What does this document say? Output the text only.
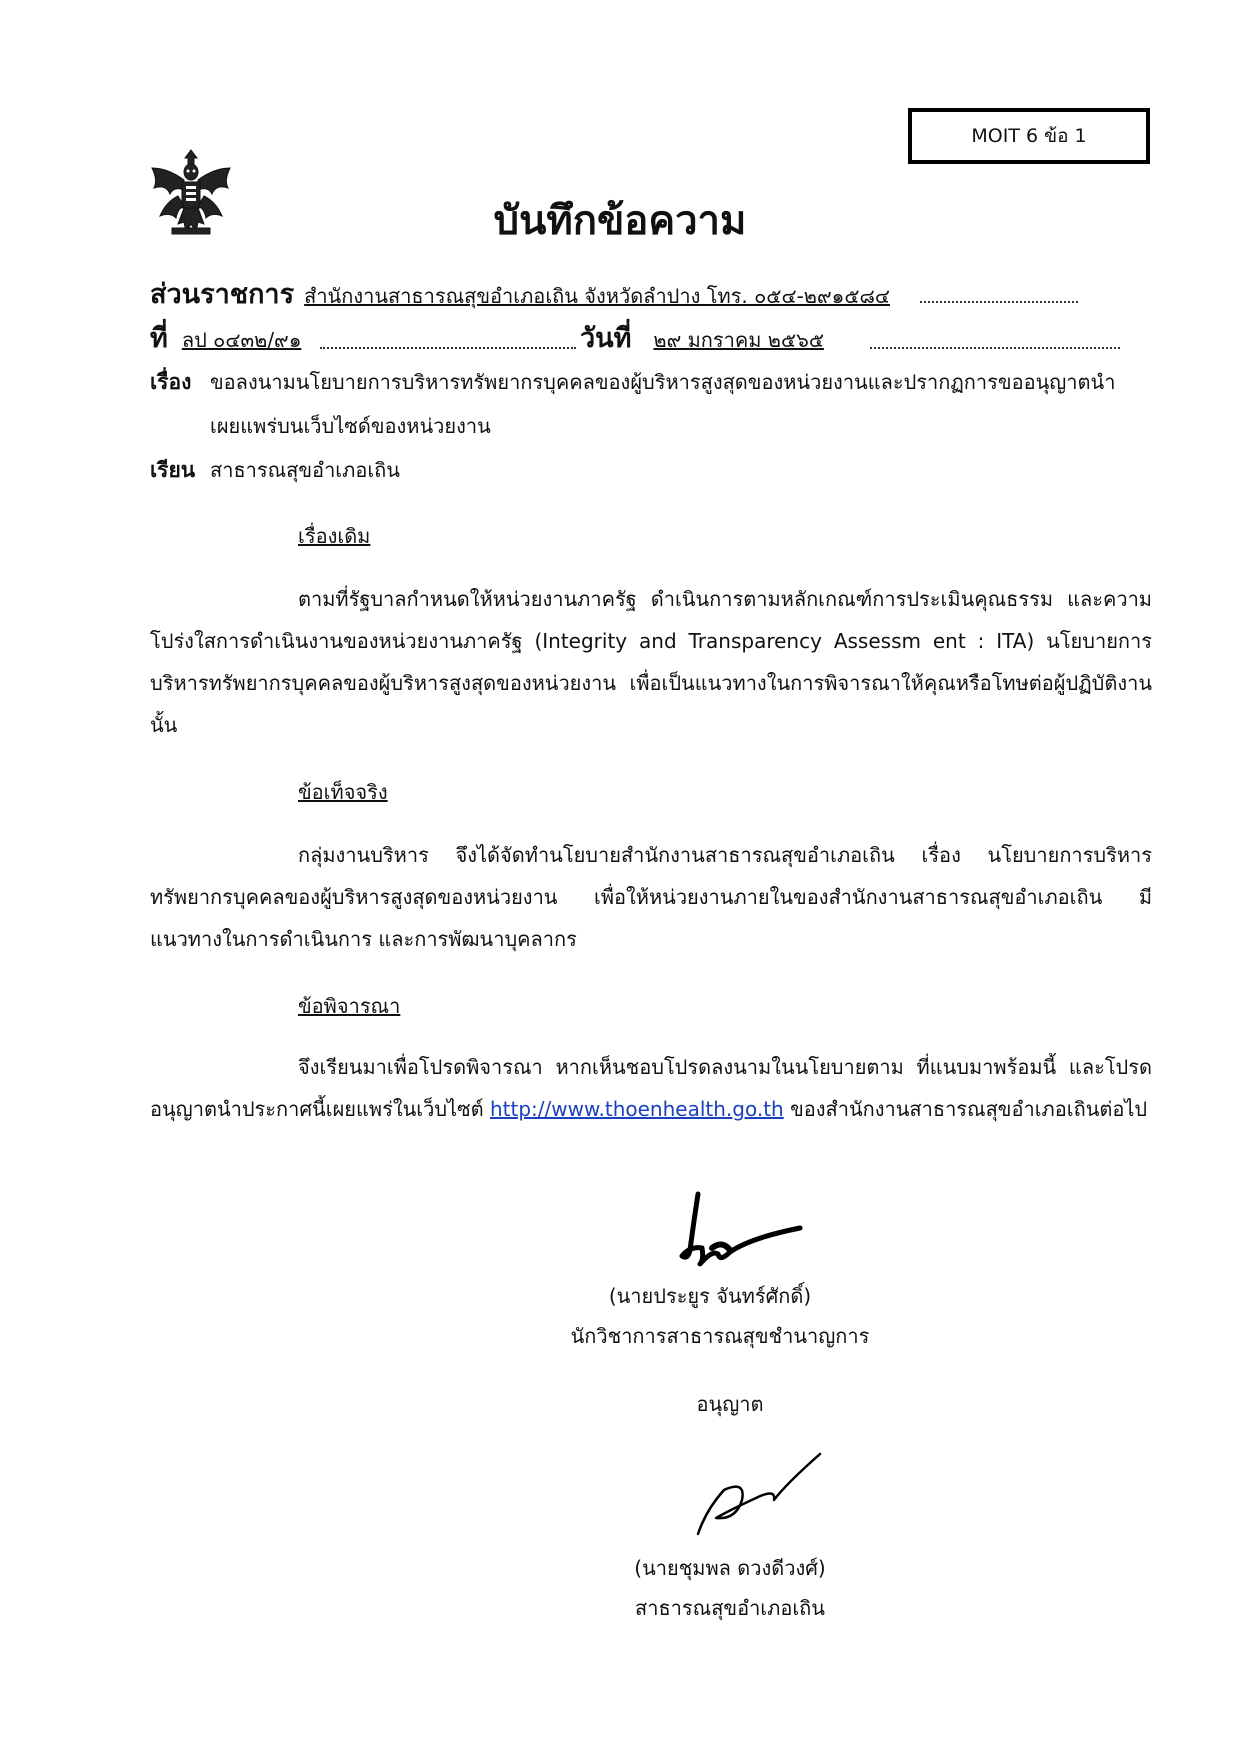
MOIT 6 ข้อ 1
บันทึกข้อความ
ส่วนราชการ สำนักงานสาธารณสุขอำเภอเถิน จังหวัดลำปาง โทร. ๐๕๔-๒๙๑๕๘๔
ที่ ลป ๐๔๓๒/๙๑	วันที่ ๒๙ มกราคม ๒๕๖๕
เรื่อง ขอลงนามนโยบายการบริหารทรัพยากรบุคคลของผู้บริหารสูงสุดของหน่วยงานและปรากฏการขออนุญาตนำ
เผยแพร่บนเว็บไซด์ของหน่วยงาน
เรียน สาธารณสุขอำเภอเถิน
เรื่องเดิม
ตามที่รัฐบาลกำหนดให้หน่วยงานภาครัฐ ดำเนินการตามหลักเกณฑ์การประเมินคุณธรรม และความโปร่งใสการดำเนินงานของหน่วยงานภาครัฐ (Integrity and Transparency Assessm ent : ITA) นโยบายการบริหารทรัพยากรบุคคลของผู้บริหารสูงสุดของหน่วยงาน เพื่อเป็นแนวทางในการพิจารณาให้คุณหรือโทษต่อผู้ปฏิบัติงาน นั้น
ข้อเท็จจริง
กลุ่มงานบริหาร จึงได้จัดทำนโยบายสำนักงานสาธารณสุขอำเภอเถิน เรื่อง นโยบายการบริหารทรัพยากรบุคคลของผู้บริหารสูงสุดของหน่วยงาน เพื่อให้หน่วยงานภายในของสำนักงานสาธารณสุขอำเภอเถิน มีแนวทางในการดำเนินการ และการพัฒนาบุคลากร
ข้อพิจารณา
จึงเรียนมาเพื่อโปรดพิจารณา หากเห็นชอบโปรดลงนามในนโยบายตาม ที่แนบมาพร้อมนี้ และโปรดอนุญาตนำประกาศนี้เผยแพร่ในเว็บไซต์ http://www.thoenhealth.go.th ของสำนักงานสาธารณสุขอำเภอเถินต่อไป
(นายประยูร จันทร์ศักดิ์)
นักวิชาการสาธารณสุขชำนาญการ
อนุญาต
(นายชุมพล ดวงดีวงศ์)
สาธารณสุขอำเภอเถิน
